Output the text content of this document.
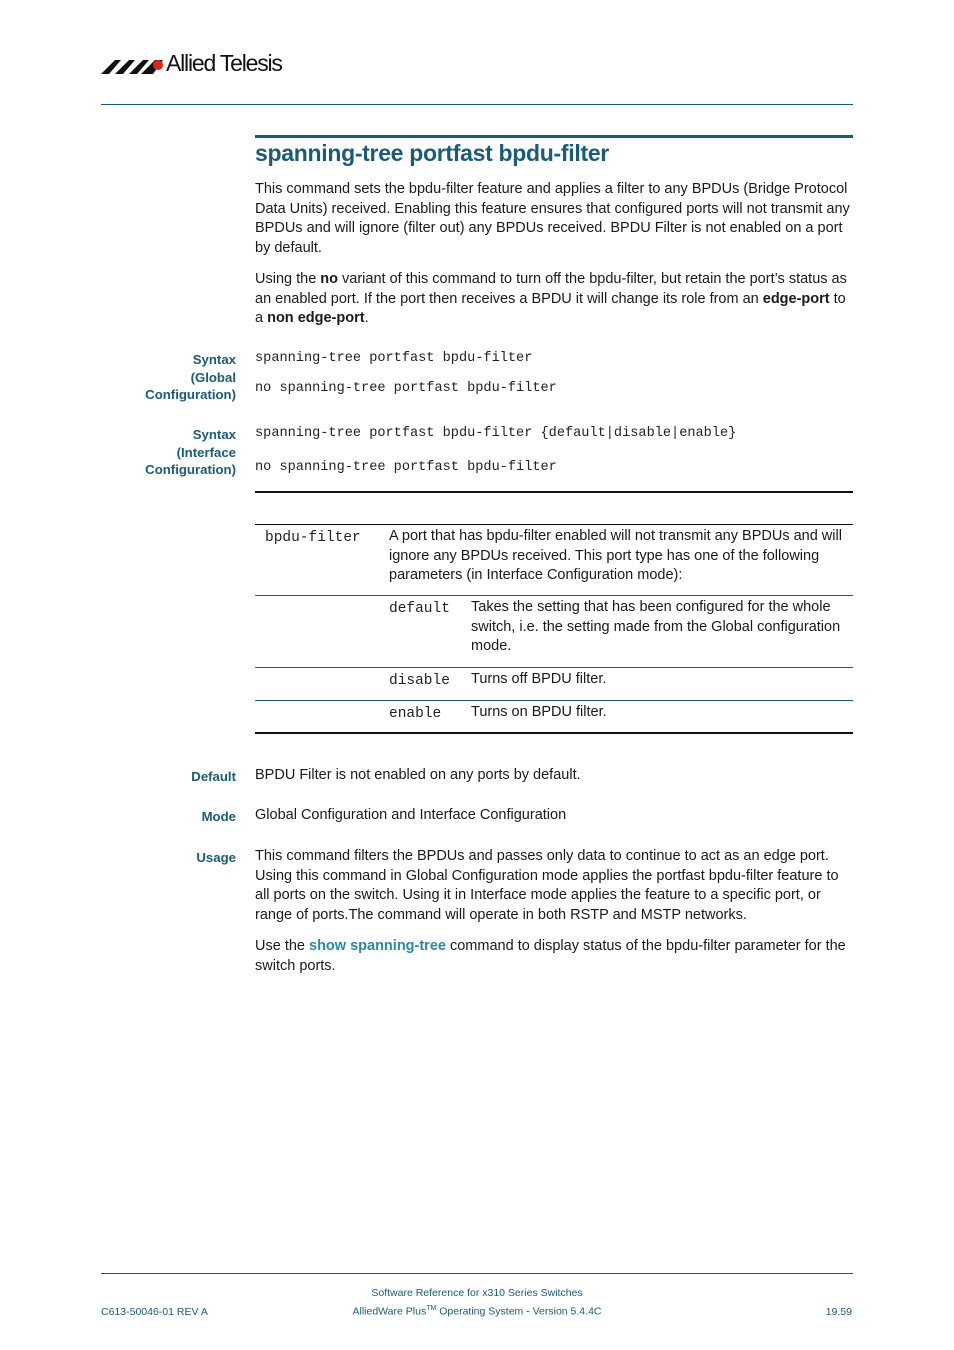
Allied Telesis
spanning-tree portfast bpdu-filter
This command sets the bpdu-filter feature and applies a filter to any BPDUs (Bridge Protocol Data Units) received. Enabling this feature ensures that configured ports will not transmit any BPDUs and will ignore (filter out) any BPDUs received. BPDU Filter is not enabled on a port by default.
Using the no variant of this command to turn off the bpdu-filter, but retain the port’s status as an enabled port. If the port then receives a BPDU it will change its role from an edge-port to a non edge-port.
Syntax
(Global
Configuration)
spanning-tree portfast bpdu-filter
no spanning-tree portfast bpdu-filter
Syntax
(Interface
Configuration)
spanning-tree portfast bpdu-filter {default|disable|enable}
no spanning-tree portfast bpdu-filter
bpdu-filter A port that has bpdu-filter enabled will not transmit any BPDUs and will ignore any BPDUs received. This port type has one of the following parameters (in Interface Configuration mode):
default Takes the setting that has been configured for the whole switch, i.e. the setting made from the Global configuration mode.
disable Turns off BPDU filter.
enable Turns on BPDU filter.
Default BPDU Filter is not enabled on any ports by default.
Mode Global Configuration and Interface Configuration
Usage This command filters the BPDUs and passes only data to continue to act as an edge port. Using this command in Global Configuration mode applies the portfast bpdu-filter feature to all ports on the switch. Using it in Interface mode applies the feature to a specific port, or range of ports.The command will operate in both RSTP and MSTP networks.
Use the show spanning-tree command to display status of the bpdu-filter parameter for the switch ports.
Software Reference for x310 Series Switches
AlliedWare Plus™ Operating System - Version 5.4.4C
C613-50046-01 REV A	19.59
